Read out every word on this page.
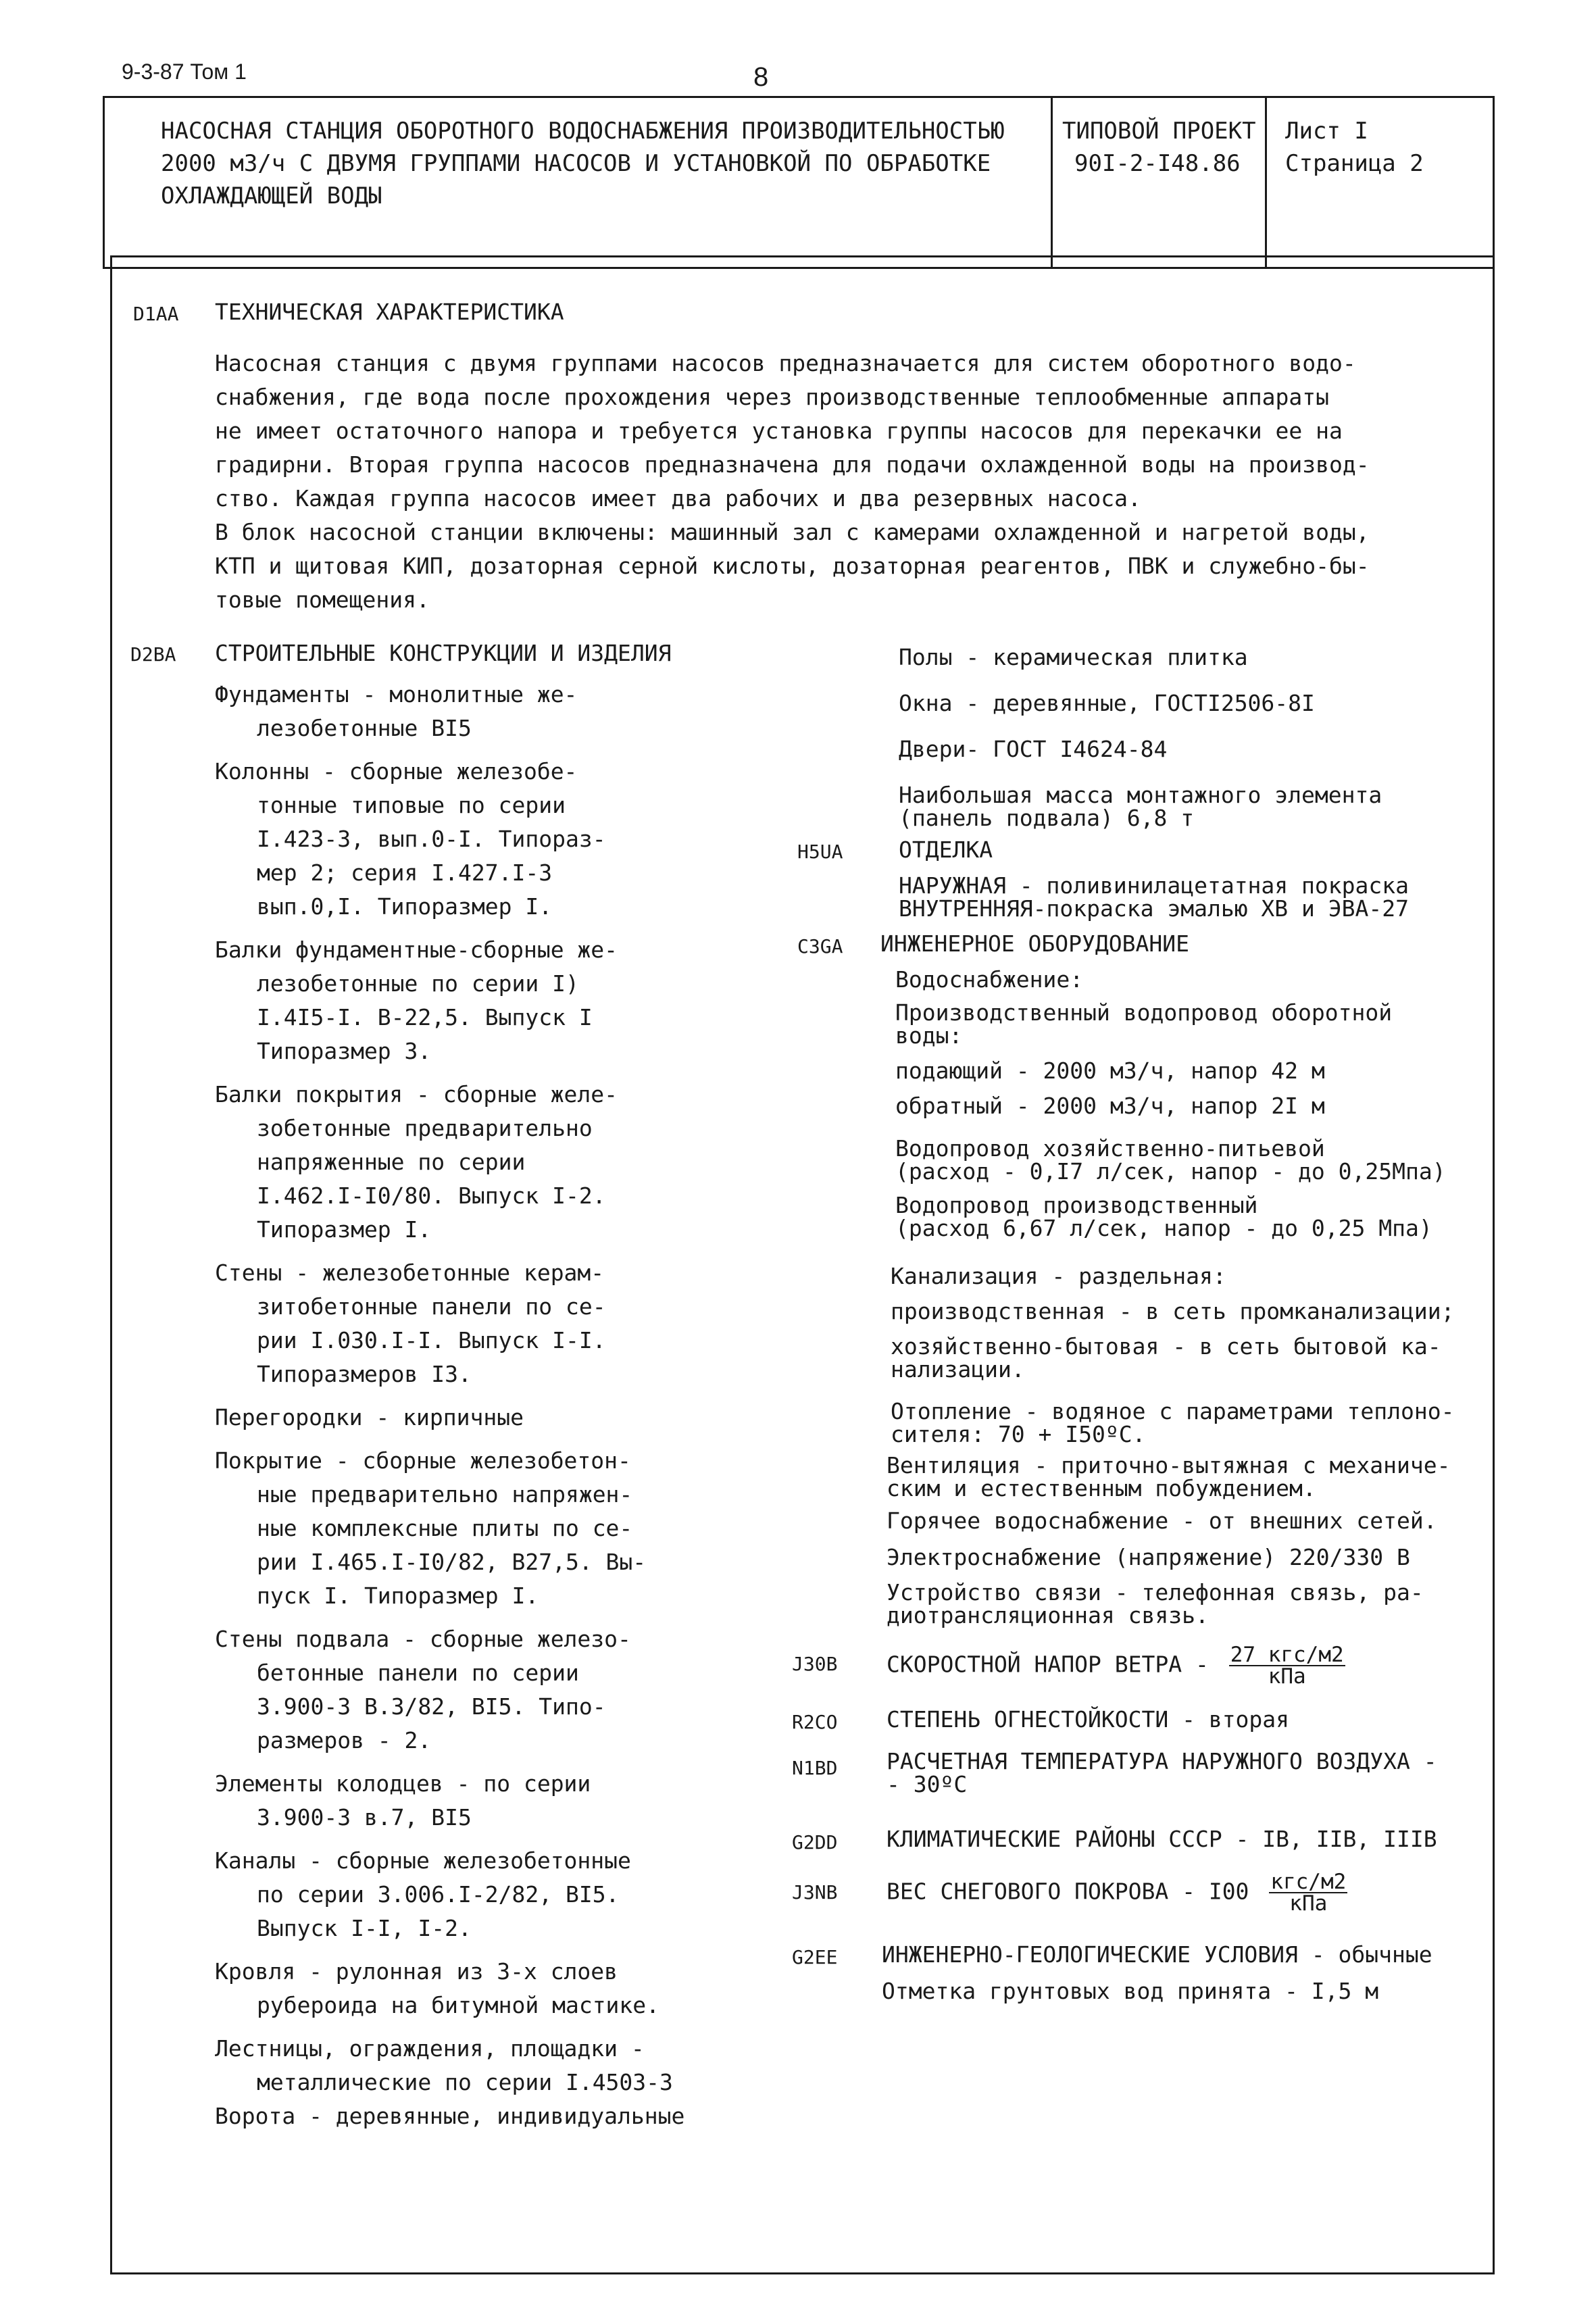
9-3-87 Том 1	8
НАСОСНАЯ СТАНЦИЯ ОБОРОТНОГО ВОДОСНАБЖЕНИЯ ПРОИЗВОДИТЕЛЬНОСТЬЮ
2000 м3/ч С ДВУМЯ ГРУППАМИ НАСОСОВ И УСТАНОВКОЙ ПО ОБРАБОТКЕ
ОХЛАЖДАЮЩЕЙ ВОДЫ
ТИПОВОЙ ПРОЕКТ
90I-2-I48.86
Лист I
Страница 2
D1AA ТЕХНИЧЕСКАЯ ХАРАКТЕРИСТИКА
Насосная станция с двумя группами насосов предназначается для систем оборотного водо-
снабжения, где вода после прохождения через производственные теплообменные аппараты
не имеет остаточного напора и требуется установка группы насосов для перекачки ее на
градирни. Вторая группа насосов предназначена для подачи охлажденной воды на производ-
ство. Каждая группа насосов имеет два рабочих и два резервных насоса.
В блок насосной станции включены: машинный зал с камерами охлажденной и нагретой воды,
КТП и щитовая КИП, дозаторная серной кислоты, дозаторная реагентов, ПВК и служебно-бы-
товые помещения.
D2BA СТРОИТЕЛЬНЫЕ КОНСТРУКЦИИ И ИЗДЕЛИЯ
Фундаменты - монолитные же-
лезобетонные BI5
Колонны - сборные железобе-
тонные типовые по серии
I.423-3, вып.0-I. Типораз-
мер 2; серия I.427.I-3
вып.0,I. Типоразмер I.
Балки фундаментные-сборные же-
лезобетонные по серии I)
I.4I5-I. B-22,5. Выпуск I
Типоразмер 3.
Балки покрытия - сборные желе-
зобетонные предварительно
напряженные по серии
I.462.I-I0/80. Выпуск I-2.
Типоразмер I.
Стены - железобетонные керам-
зитобетонные панели по се-
рии I.030.I-I. Выпуск I-I.
Типоразмеров I3.
Перегородки - кирпичные
Покрытие - сборные железобетон-
ные предварительно напряжен-
ные комплексные плиты по се-
рии I.465.I-I0/82, B27,5. Вы-
пуск I. Типоразмер I.
Стены подвала - сборные железо-
бетонные панели по серии
3.900-3 В.3/82, BI5. Типо-
размеров - 2.
Элементы колодцев - по серии
3.900-3 в.7, BI5
Каналы - сборные железобетонные
по серии 3.006.I-2/82, BI5.
Выпуск I-I, I-2.
Кровля - рулонная из 3-х слоев
рубероида на битумной мастике.
Лестницы, ограждения, площадки -
металлические по серии I.4503-3
Ворота - деревянные, индивидуальные
Полы - керамическая плитка
Окна - деревянные, ГОСТI2506-8I
Двери- ГОСТ I4624-84
Наибольшая масса монтажного элемента
(панель подвала) 6,8 т
H5UA	ОТДЕЛКА
НАРУЖНАЯ - поливинилацетатная покраска
ВНУТРЕННЯЯ-покраска эмалью ХВ и ЭВА-27
C3GA ИНЖЕНЕРНОЕ ОБОРУДОВАНИЕ
Водоснабжение:
Производственный водопровод оборотной
воды:
подающий - 2000 м3/ч, напор 42 м
обратный - 2000 м3/ч, напор 2I м
Водопровод хозяйственно-питьевой
(расход - 0,I7 л/сек, напор - до 0,25Мпа)
Водопровод производственный
(расход 6,67 л/сек, напор - до 0,25 Мпа)
Канализация - раздельная:
производственная - в сеть промканализации;
хозяйственно-бытовая - в сеть бытовой ка-
нализации.
Отопление - водяное с параметрами теплоно-
сителя: 70 + I50ºC.
Вентиляция - приточно-вытяжная с механиче-
ским и естественным побуждением.
Горячее водоснабжение - от внешних сетей.
Электроснабжение (напряжение) 220/330 В
Устройство связи - телефонная связь, ра-
диотрансляционная связь.
J30B СКОРОСТНОЙ НАПОР ВЕТРА - $\frac{\text{27 кгс/м2}}{\text{кПа}}$
R2CO СТЕПЕНЬ ОГНЕСТОЙКОСТИ - вторая
N1BD РАСЧЕТНАЯ ТЕМПЕРАТУРА НАРУЖНОГО ВОЗДУХА -
- 30ºC
G2DD КЛИМАТИЧЕСКИЕ РАЙОНЫ СССР - IB, IIB, IIIB
J3NB ВЕС СНЕГОВОГО ПОКРОВА - $I00 \frac{\text{кгс/м2}}{\text{кПа}}$
G2EE ИНЖЕНЕРНО-ГЕОЛОГИЧЕСКИЕ УСЛОВИЯ - обычные
Отметка грунтовых вод принята - I,5 м
